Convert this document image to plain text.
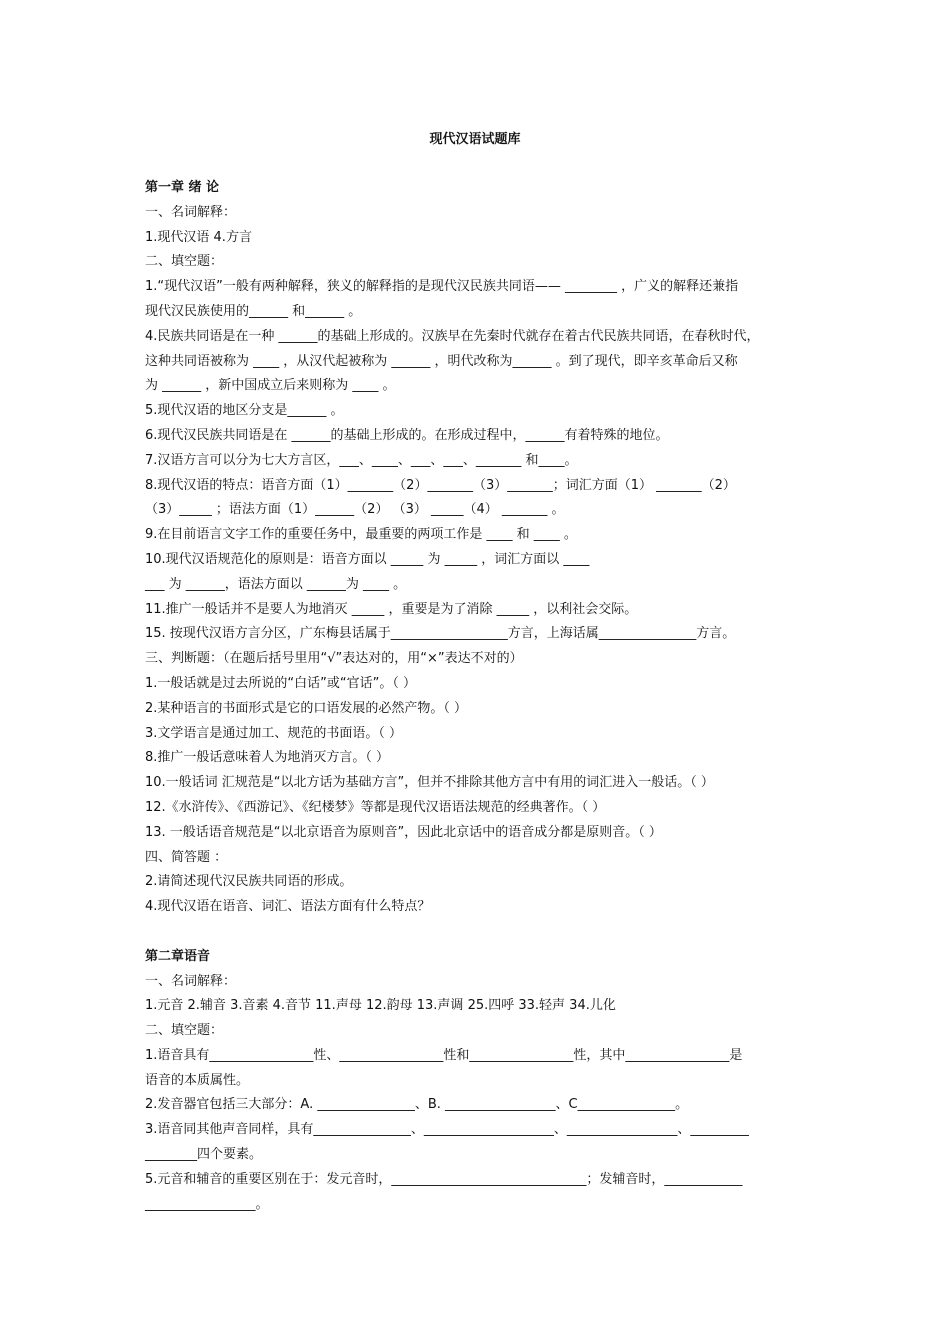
现代汉语试题库
第一章 绪 论
一、名词解释：
1.现代汉语 4.方言
二、填空题：
1.“现代汉语”一般有两种解释，狭义的解释指的是现代汉民族共同语—— ________ ，广义的解释还兼指
现代汉民族使用的______ 和______ 。
4.民族共同语是在一种 ______的基础上形成的。汉族早在先秦时代就存在着古代民族共同语，在春秋时代，
这种共同语被称为 ____ ，从汉代起被称为 ______ ，明代改称为______ 。到了现代，即辛亥革命后又称
为 ______ ，新中国成立后来则称为 ____ 。
5.现代汉语的地区分支是______ 。
6.现代汉民族共同语是在 ______的基础上形成的。在形成过程中，______有着特殊的地位。
7.汉语方言可以分为七大方言区，___、____、___、___、_______ 和____。
8.现代汉语的特点：语音方面（1）_______（2）_______（3）_______；词汇方面（1） _______（2）
（3）_____ ；语法方面（1）______（2） （3） _____（4） _______ 。
9.在目前语言文字工作的重要任务中，最重要的两项工作是 ____ 和 ____ 。
10.现代汉语规范化的原则是：语音方面以 _____ 为 _____ ，词汇方面以 ____
___ 为 ______，语法方面以 ______为 ____ 。
11.推广一般话并不是要人为地消灭 _____ ，重要是为了消除 _____ ，以利社会交际。
15. 按现代汉语方言分区，广东梅县话属于__________________方言，上海话属_______________方言。
三、判断题：（在题后括号里用“√”表达对的，用“×”表达不对的）
1.一般话就是过去所说的“白话”或“官话”。（ ）
2.某种语言的书面形式是它的口语发展的必然产物。（ ）
3.文学语言是通过加工、规范的书面语。（ ）
8.推广一般话意味着人为地消灭方言。（ ）
10.一般话词 汇规范是“以北方话为基础方言”，但并不排除其他方言中有用的词汇进入一般话。（ ）
12.《水浒传》、《西游记》、《纪楼梦》等都是现代汉语语法规范的经典著作。（ ）
13. 一般话语音规范是“以北京语音为原则音”，因此北京话中的语音成分都是原则音。（ ）
四、简答题 ：
2.请简述现代汉民族共同语的形成。
4.现代汉语在语音、词汇、语法方面有什么特点？
第二章语音
一、名词解释：
1.元音 2.辅音 3.音素 4.音节 11.声母 12.韵母 13.声调 25.四呼 33.轻声 34.儿化
二、填空题：
1.语音具有________________性、________________性和________________性，其中________________是
语音的本质属性。
2.发音器官包括三大部分：A. _______________、B. _________________、C_______________。
3.语音同其他声音同样，具有_______________、____________________、_________________、_________
________四个要素。
5.元音和辅音的重要区别在于：发元音时，______________________________；发辅音时，____________
_________________。
